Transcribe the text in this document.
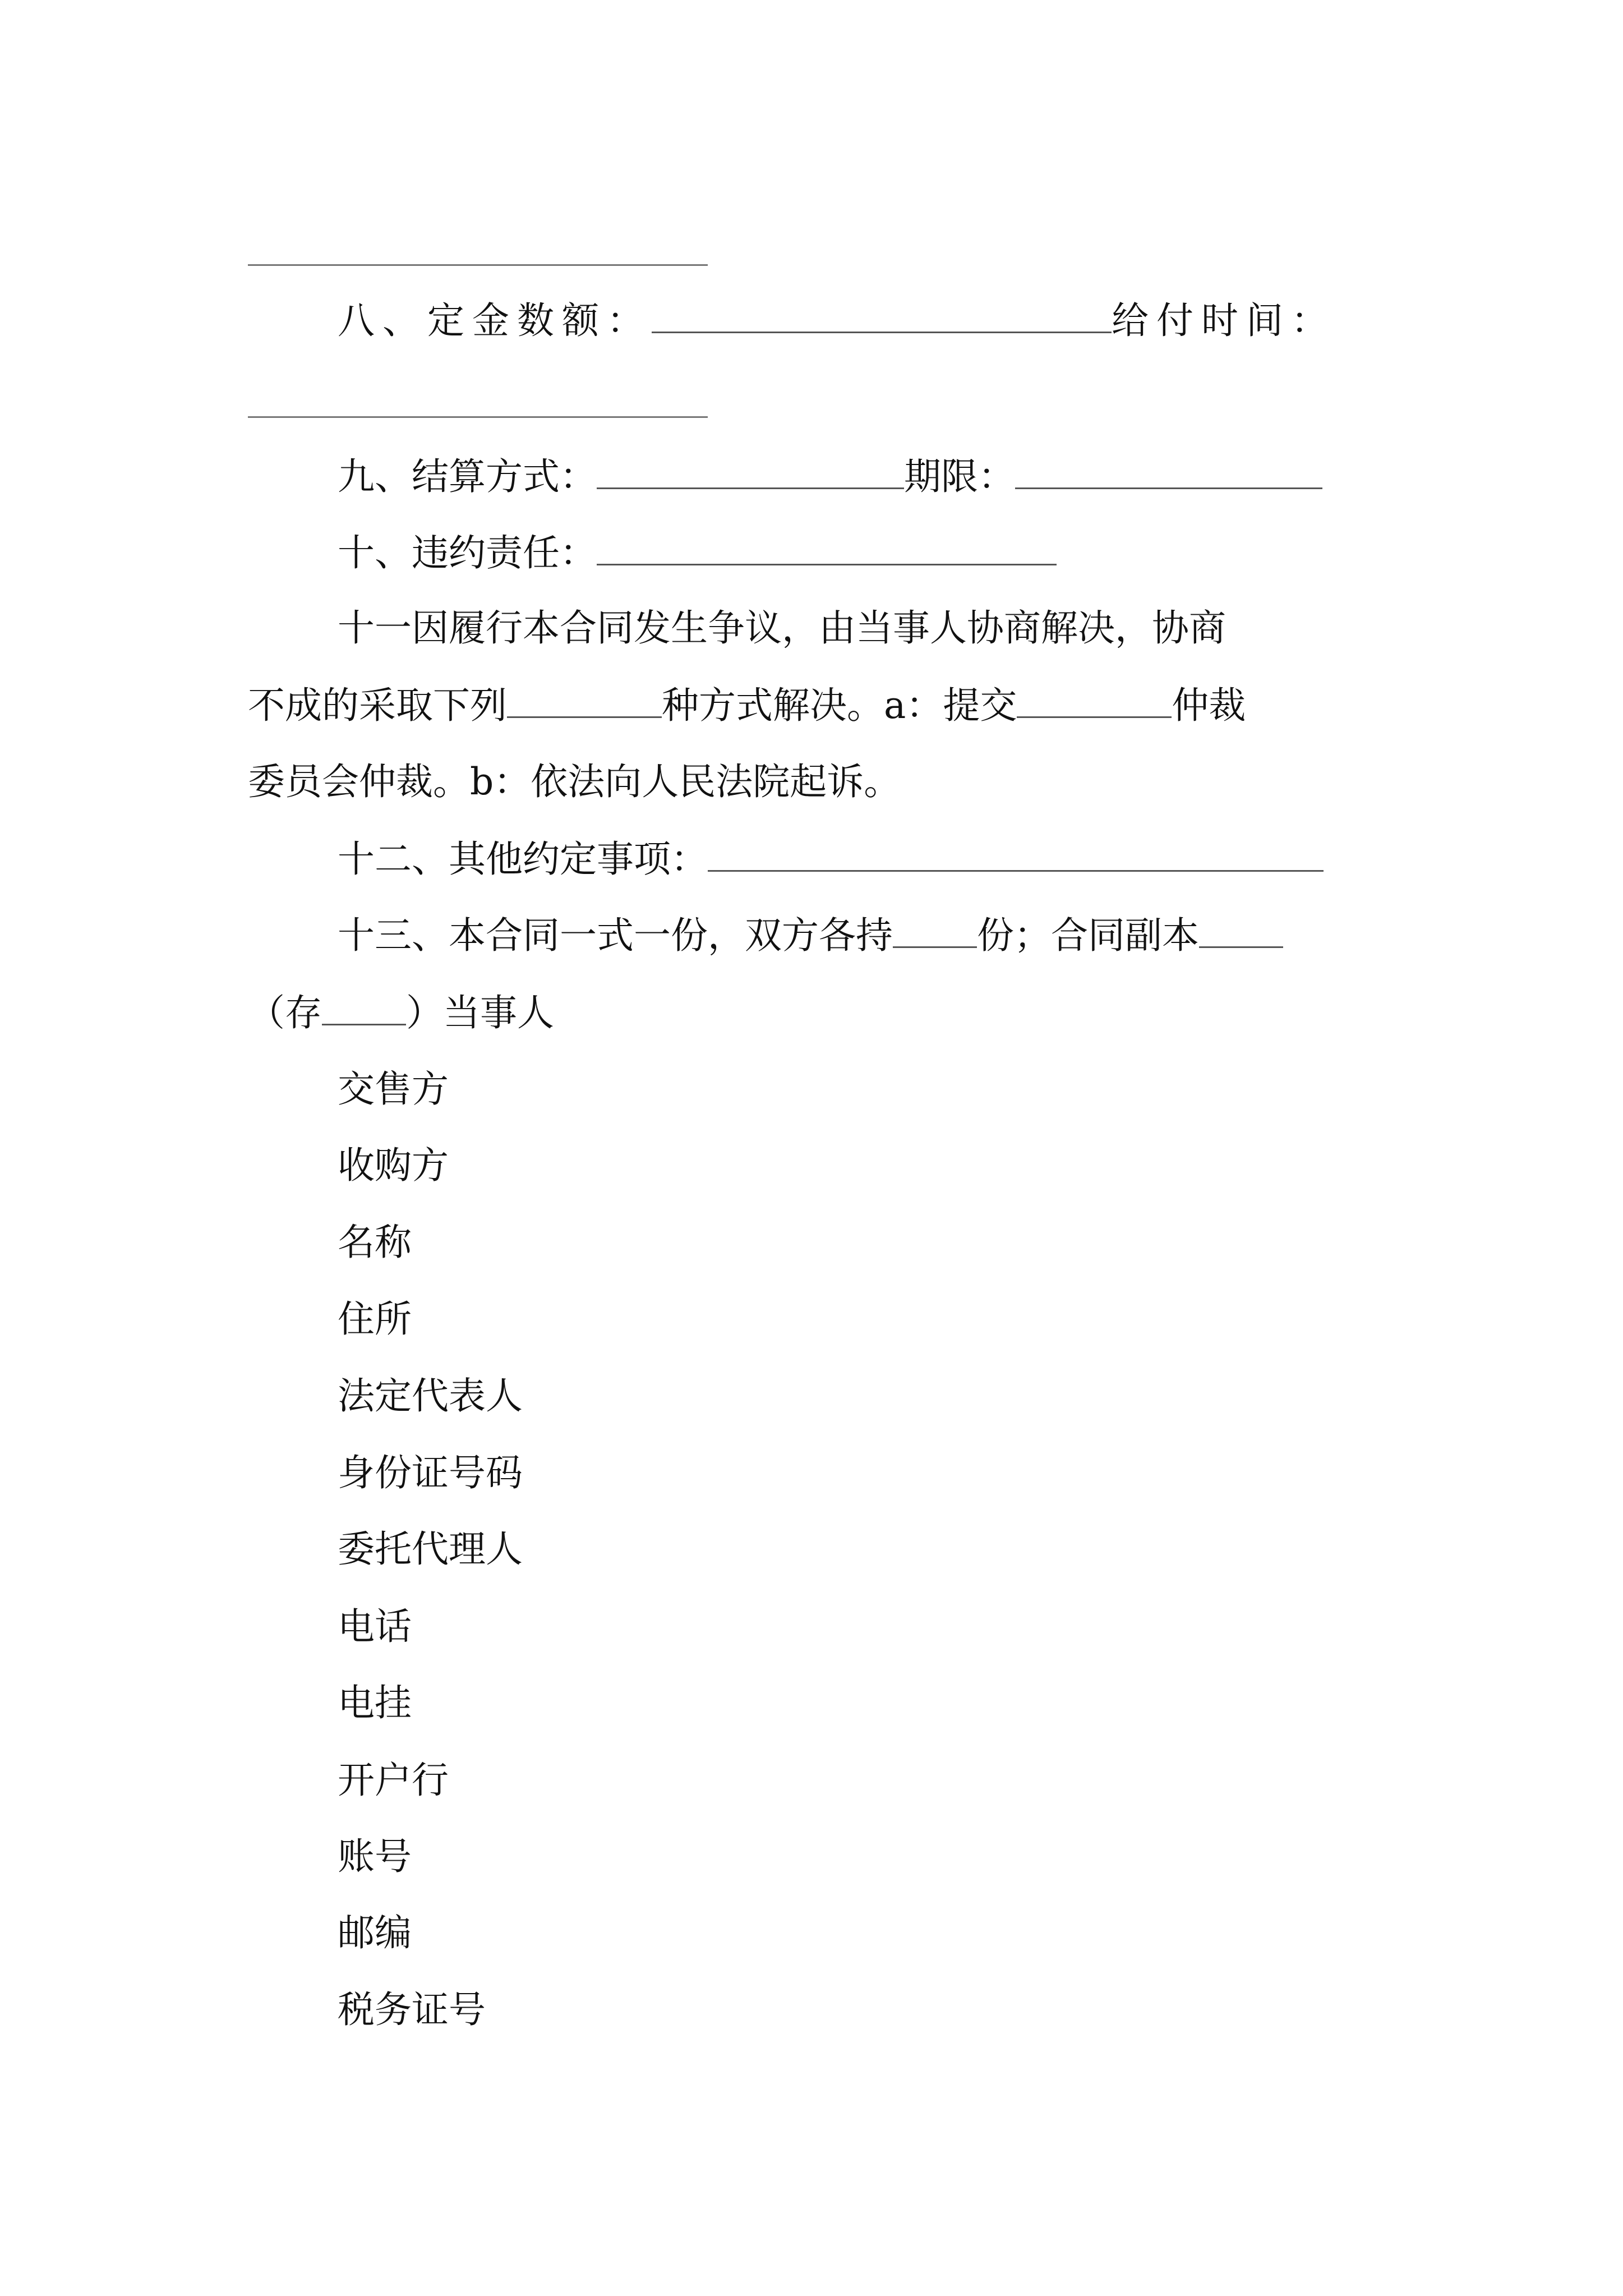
八、定金数额：	给付时间：
九、结算方式：	期限：
十、违约责任：
十一因履行本合同发生争议，由当事人协商解决，协商
不成的采取下列	种方式解决。a：提交	仲裁
委员会仲裁。b：依法向人民法院起诉。
十二、其他约定事项：
十三、本合同一式一份，双方各持 份；合同副本
（存 ）当事人
交售方
收购方
名称
住所
法定代表人
身份证号码
委托代理人
电话
电挂
开户行
账号
邮编
税务证号
